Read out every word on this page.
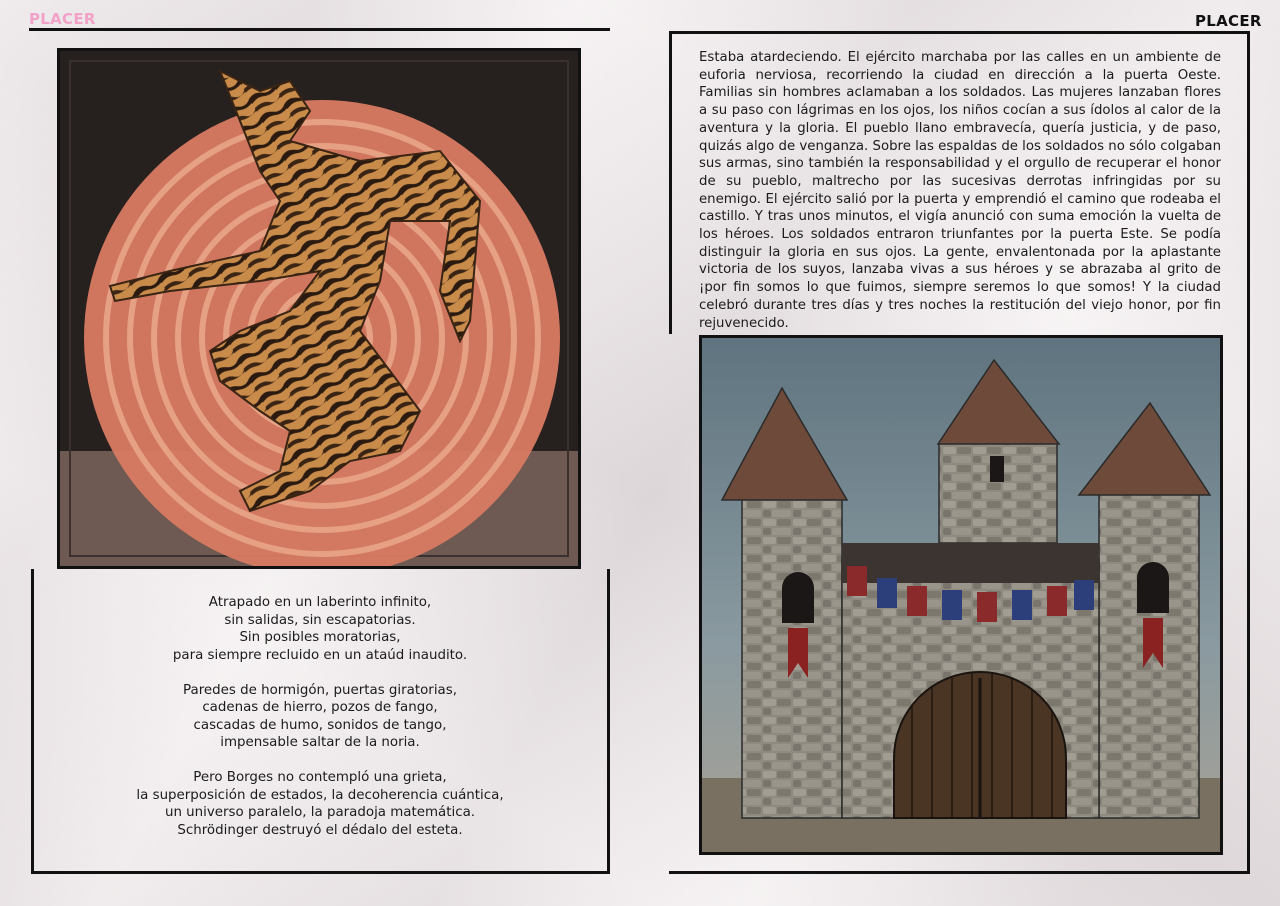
PLACER	PLACER

Atrapado en un laberinto infinito,
sin salidas, sin escapatorias.
Sin posibles moratorias,
para siempre recluido en un ataúd inaudito.

Paredes de hormigón, puertas giratorias,
cadenas de hierro, pozos de fango,
cascadas de humo, sonidos de tango,
impensable saltar de la noria.

Pero Borges no contempló una grieta,
la superposición de estados, la decoherencia cuántica,
un universo paralelo, la paradoja matemática.
Schrödinger destruyó el dédalo del esteta.

Estaba atardeciendo. El ejército marchaba por las calles en un ambiente de euforia nerviosa, recorriendo la ciudad en dirección a la puerta Oeste. Familias sin hombres aclamaban a los soldados. Las mujeres lanzaban flores a su paso con lágrimas en los ojos, los niños cocían a sus ídolos al calor de la aventura y la gloria. El pueblo llano embravecía, quería justicia, y de paso, quizás algo de venganza. Sobre las espaldas de los soldados no sólo colgaban sus armas, sino también la responsabilidad y el orgullo de recuperar el honor de su pueblo, maltrecho por las sucesivas derrotas infringidas por su enemigo. El ejército salió por la puerta y emprendió el camino que rodeaba el castillo. Y tras unos minutos, el vigía anunció con suma emoción la vuelta de los héroes. Los soldados entraron triunfantes por la puerta Este. Se podía distinguir la gloria en sus ojos. La gente, envalentonada por la aplastante victoria de los suyos, lanzaba vivas a sus héroes y se abrazaba al grito de ¡por fin somos lo que fuimos, siempre seremos lo que somos! Y la ciudad celebró durante tres días y tres noches la restitución del viejo honor, por fin rejuvenecido.
